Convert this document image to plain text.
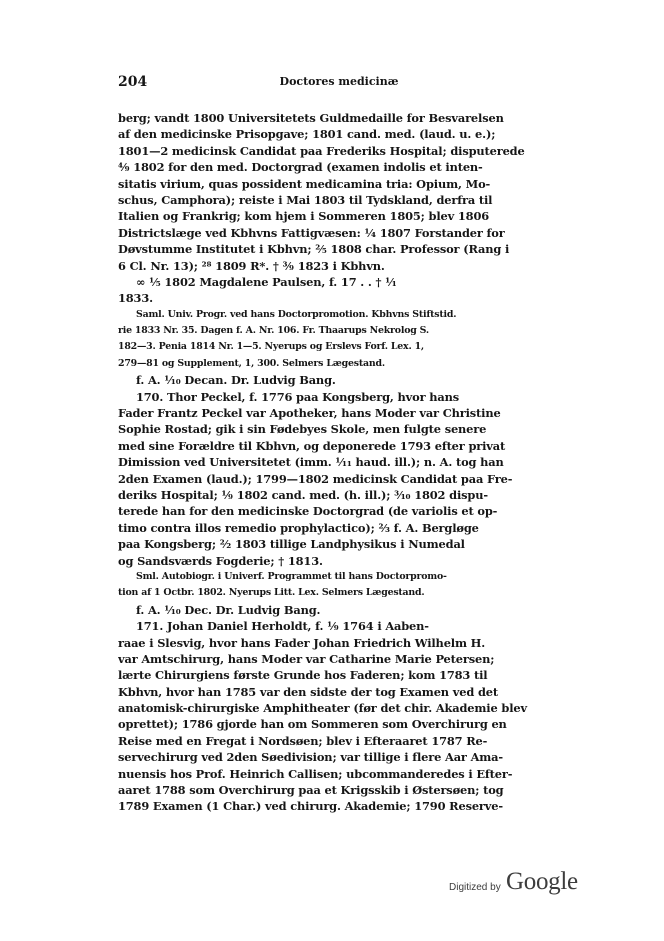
204	Doctores medicinæ
berg; vandt 1800 Universitetets Guldmedaille for Besvarelsen
af den medicinske Prisopgave; 1801 cand. med. (laud. u. e.);
1801—2 medicinsk Candidat paa Frederiks Hospital; disputerede
⁴⁄₉ 1802 for den med. Doctorgrad (examen indolis et inten-
sitatis virium, quas possident medicamina tria: Opium, Mo-
schus, Camphora); reiste i Mai 1803 til Tydskland, derfra til
Italien og Frankrig; kom hjem i Sommeren 1805; blev 1806
Districtslæge ved Kbhvns Fattigvæsen: ¹⁄₄ 1807 Forstander for
Døvstumme Institutet i Kbhvn; ²⁄₅ 1808 char. Professor (Rang i
6 Cl. Nr. 13); ²⁸ 1809 R*. † ³⁄₉ 1823 i Kbhvn.
∞ ¹⁄₅ 1802 Magdalene Paulsen, f. 17 . . † ¹⁄₁
1833.
Saml. Univ. Progr. ved hans Doctorpromotion. Kbhvns Stiftstid.
rie 1833 Nr. 35. Dagen f. A. Nr. 106. Fr. Thaarups Nekrolog S.
182—3. Penia 1814 Nr. 1—5. Nyerups og Erslevs Forf. Lex. 1,
279—81 og Supplement, 1, 300. Selmers Lægestand.
f. A. ¹⁄₁₀ Decan. Dr. Ludvig Bang.
170. Thor Peckel, f. 1776 paa Kongsberg, hvor hans
Fader Frantz Peckel var Apotheker, hans Moder var Christine
Sophie Rostad; gik i sin Fødebyes Skole, men fulgte senere
med sine Forældre til Kbhvn, og deponerede 1793 efter privat
Dimission ved Universitetet (imm. ¹⁄₁₁ haud. ill.); n. A. tog han
2den Examen (laud.); 1799—1802 medicinsk Candidat paa Fre-
deriks Hospital; ¹⁄₉ 1802 cand. med. (h. ill.); ³⁄₁₀ 1802 dispu-
terede han for den medicinske Doctorgrad (de variolis et op-
timo contra illos remedio prophylactico); ²⁄₃ f. A. Bergløge
paa Kongsberg; ²⁄₂ 1803 tillige Landphysikus i Numedal
og Sandsværds Fogderie; † 1813.
Sml. Autobiogr. i Univerf. Programmet til hans Doctorpromo-
tion af 1 Octbr. 1802. Nyerups Litt. Lex. Selmers Lægestand.
f. A. ¹⁄₁₀ Dec. Dr. Ludvig Bang.
171. Johan Daniel Herholdt, f. ¹⁄₉ 1764 i Aaben-
raae i Slesvig, hvor hans Fader Johan Friedrich Wilhelm H.
var Amtschirurg, hans Moder var Catharine Marie Petersen;
lærte Chirurgiens første Grunde hos Faderen; kom 1783 til
Kbhvn, hvor han 1785 var den sidste der tog Examen ved det
anatomisk-chirurgiske Amphitheater (før det chir. Akademie blev
oprettet); 1786 gjorde han om Sommeren som Overchirurg en
Reise med en Fregat i Nordsøen; blev i Efteraaret 1787 Re-
servechirurg ved 2den Søedivision; var tillige i flere Aar Ama-
nuensis hos Prof. Heinrich Callisen; ubcommanderedes i Efter-
aaret 1788 som Overchirurg paa et Krigsskib i Østersøen; tog
1789 Examen (1 Char.) ved chirurg. Akademie; 1790 Reserve-
Digitized by Google
